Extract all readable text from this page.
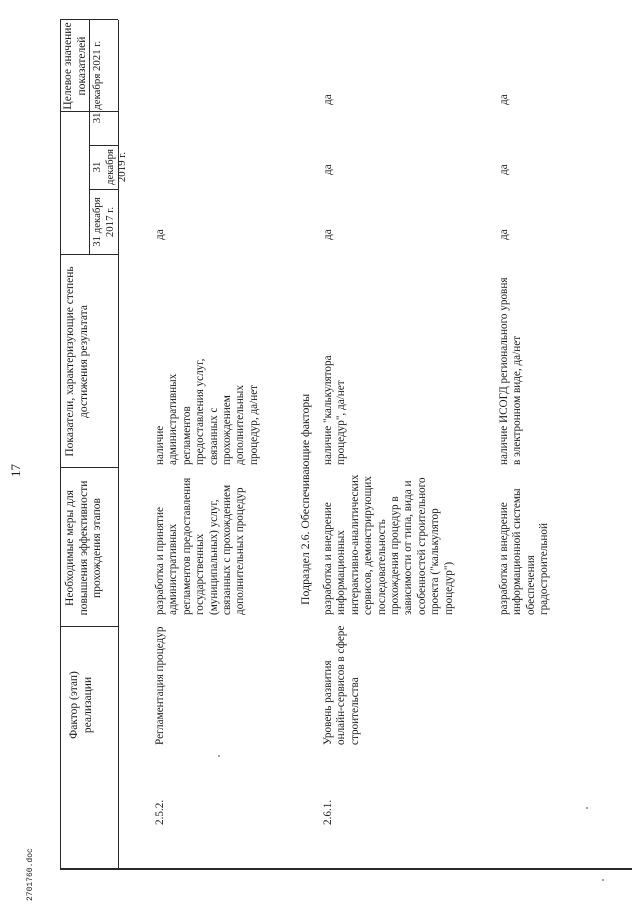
17
2701760.doc
Фактор (этап) реализации
Необходимые меры для повышения эффективности прохождения этапов
Показатели, характеризующие степень достижения результата
Целевое значение показателей
31 декабря 2017 г.
31 декабря 2019 г.
31 декабря 2021 г.
2.5.2.
Регламентация процедур
разработка и принятие административных регламентов предоставления государственных (муниципальных) услуг, связанных с прохождением дополнительных процедур
наличие административных регламентов предоставления услуг, связанных с прохождением дополнительных процедур, да/нет
да
Подраздел 2.6. Обеспечивающие факторы
2.6.1.
Уровень развития онлайн-сервисов в сфере строительства
разработка и внедрение информационных интерактивно-аналитических сервисов, демонстрирующих последовательность прохождения процедур в зависимости от типа, вида и особенностей строительного проекта ("калькулятор процедур")
наличие "калькулятора процедур", да/нет
да
да
да
разработка и внедрение информационной системы обеспечения градостроительной
наличие ИСОГД регионального уровня в электронном виде, да/нет
да
да
да
